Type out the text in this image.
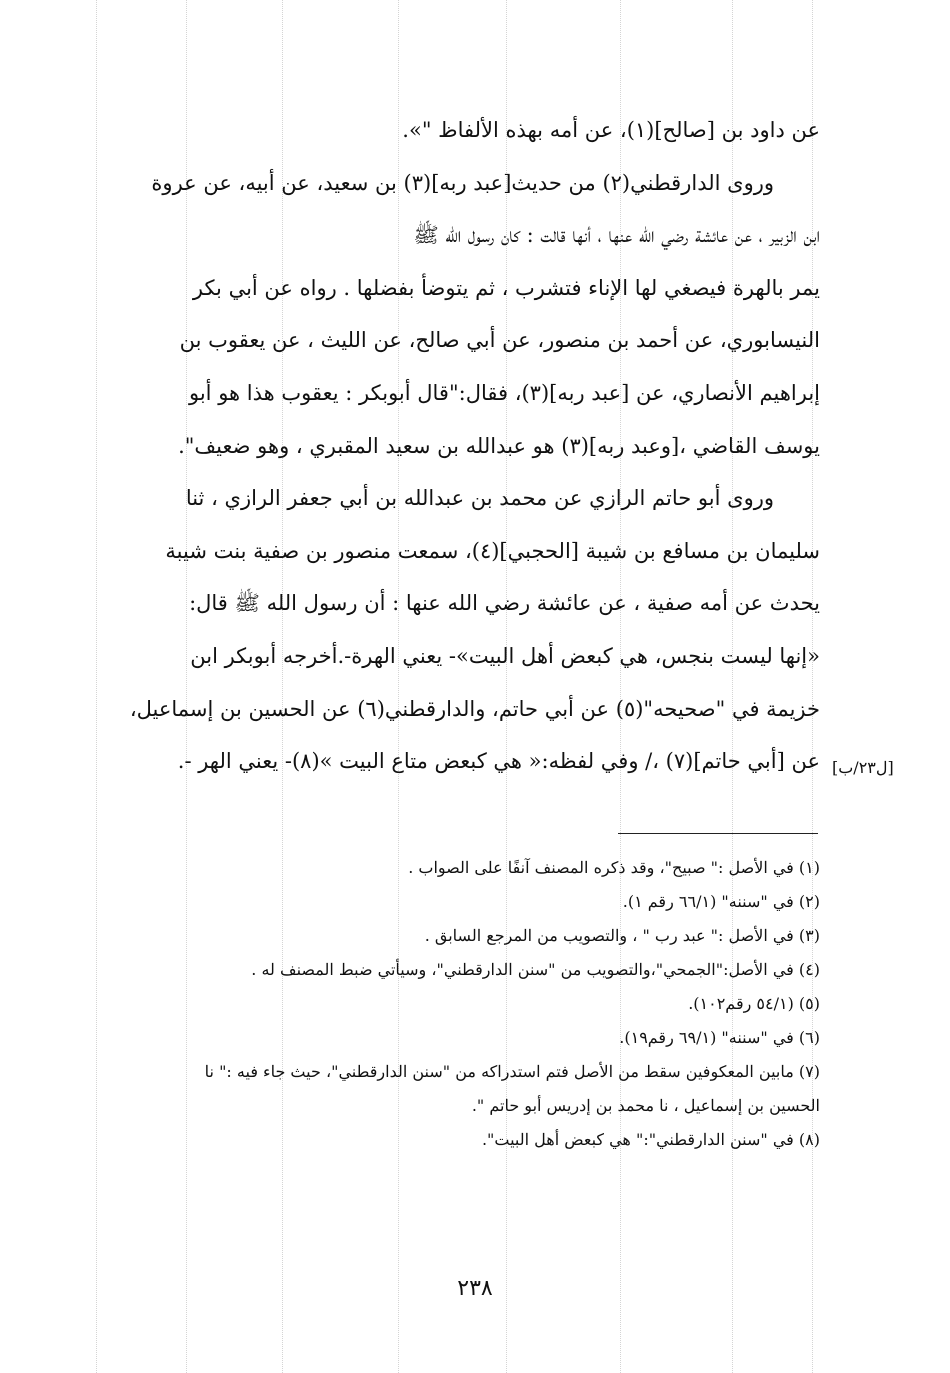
عن داود بن [صالح](١)، عن أمه بهذه الألفاظ "».
وروى الدارقطني(٢) من حديث[عبد ربه](٣) بن سعيد، عن أبيه، عن عروة
ابن الزبير ، عن عائشة رضي الله عنها ، أنها قالت : كان رسول الله ﷺ
يمر بالهرة فيصغي لها الإناء فتشرب ، ثم يتوضأ بفضلها . رواه عن أبي بكر
النيسابوري، عن أحمد بن منصور، عن أبي صالح، عن الليث ، عن يعقوب بن
إبراهيم الأنصاري، عن [عبد ربه](٣)، فقال:"قال أبوبكر : يعقوب هذا هو أبو
يوسف القاضي ،[وعبد ربه](٣) هو عبدالله بن سعيد المقبري ، وهو ضعيف".
وروى أبو حاتم الرازي عن محمد بن عبدالله بن أبي جعفر الرازي ، ثنا
سليمان بن مسافع بن شيبة [الحجبي](٤)، سمعت منصور بن صفية بنت شيبة
يحدث عن أمه صفية ، عن عائشة رضي الله عنها : أن رسول الله ﷺ قال:
«إنها ليست بنجس، هي كبعض أهل البيت»- يعني الهرة-.أخرجه أبوبكر ابن
خزيمة في "صحيحه"(٥) عن أبي حاتم، والدارقطني(٦) عن الحسين بن إسماعيل،
عن [أبي حاتم](٧) ،/ وفي لفظه:« هي كبعض متاع البيت »(٨)- يعني الهر -. [ل٢٣/ب]
(١) في الأصل :" صبيح"، وقد ذكره المصنف آنفًا على الصواب .
(٢) في "سننه" (٦٦/١ رقم ١).
(٣) في الأصل :" عبد رب " ، والتصويب من المرجع السابق .
(٤) في الأصل:"الجمحي"،والتصويب من "سنن الدارقطني"، وسيأتي ضبط المصنف له .
(٥) (٥٤/١ رقم١٠٢).
(٦) في "سننه" (٦٩/١ رقم١٩).
(٧) مابين المعكوفين سقط من الأصل فتم استدراكه من "سنن الدارقطني"، حيث جاء فيه :" نا
الحسين بن إسماعيل ، نا محمد بن إدريس أبو حاتم ".
(٨) في "سنن الدارقطني":" هي كبعض أهل البيت".
٢٣٨
